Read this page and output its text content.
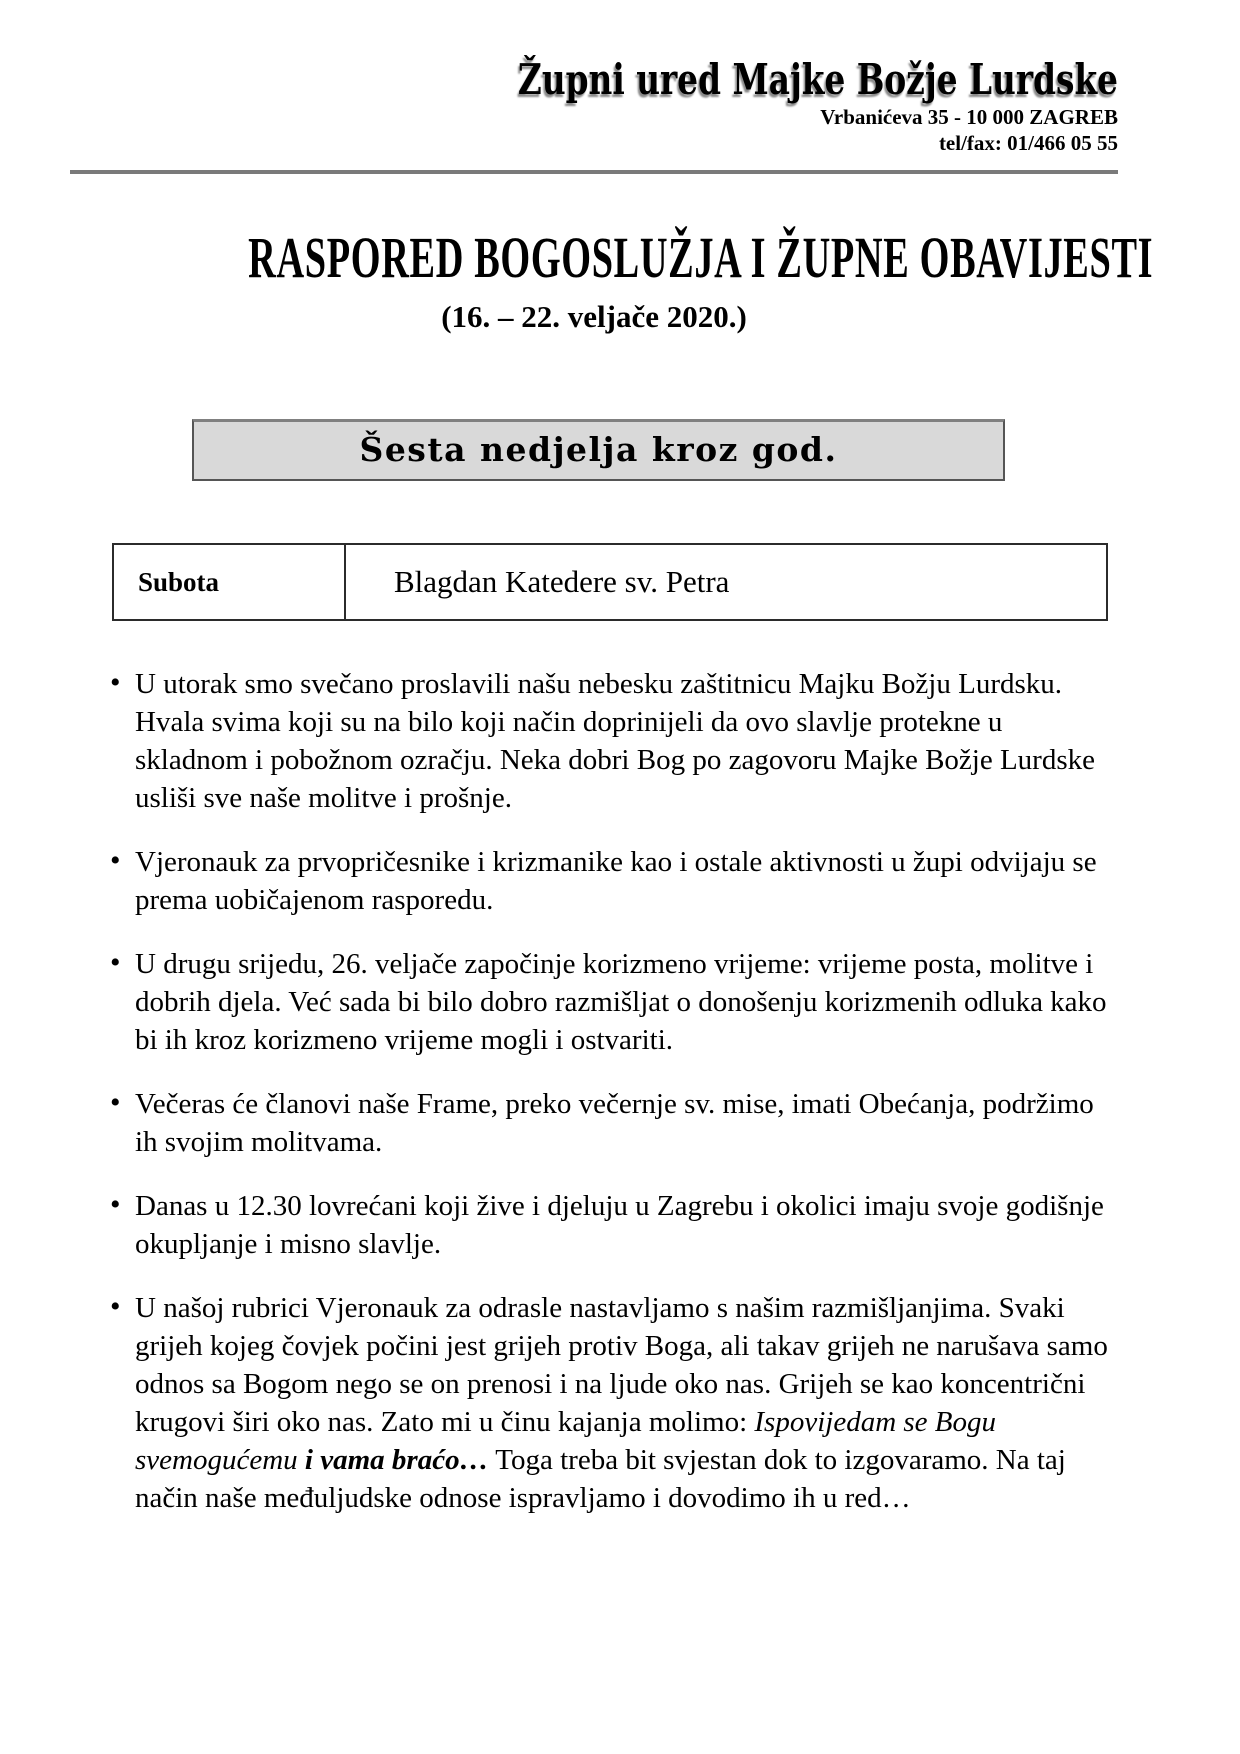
Župni ured Majke Božje Lurdske
Vrbanićeva 35 - 10 000 ZAGREB
tel/fax: 01/466 05 55
RASPORED BOGOSLUŽJA I ŽUPNE OBAVIJESTI
(16. – 22. veljače 2020.)
Šesta nedjelja kroz god.
Subota	Blagdan Katedere sv. Petra
• U utorak smo svečano proslavili našu nebesku zaštitnicu Majku Božju Lurdsku. Hvala svima koji su na bilo koji način doprinijeli da ovo slavlje protekne u skladnom i pobožnom ozračju. Neka dobri Bog po zagovoru Majke Božje Lurdske usliši sve naše molitve i prošnje.
• Vjeronauk za prvopričesnike i krizmanike kao i ostale aktivnosti u župi odvijaju se prema uobičajenom rasporedu.
• U drugu srijedu, 26. veljače započinje korizmeno vrijeme: vrijeme posta, molitve i dobrih djela. Već sada bi bilo dobro razmišljat o donošenju korizmenih odluka kako bi ih kroz korizmeno vrijeme mogli i ostvariti.
• Večeras će članovi naše Frame, preko večernje sv. mise, imati Obećanja, podržimo ih svojim molitvama.
• Danas u 12.30 lovrećani koji žive i djeluju u Zagrebu i okolici imaju svoje godišnje okupljanje i misno slavlje.
• U našoj rubrici Vjeronauk za odrasle nastavljamo s našim razmišljanjima. Svaki grijeh kojeg čovjek počini jest grijeh protiv Boga, ali takav grijeh ne narušava samo odnos sa Bogom nego se on prenosi i na ljude oko nas. Grijeh se kao koncentrični krugovi širi oko nas. Zato mi u činu kajanja molimo: Ispovijedam se Bogu svemogućemu i vama braćo… Toga treba bit svjestan dok to izgovaramo. Na taj način naše međuljudske odnose ispravljamo i dovodimo ih u red…
